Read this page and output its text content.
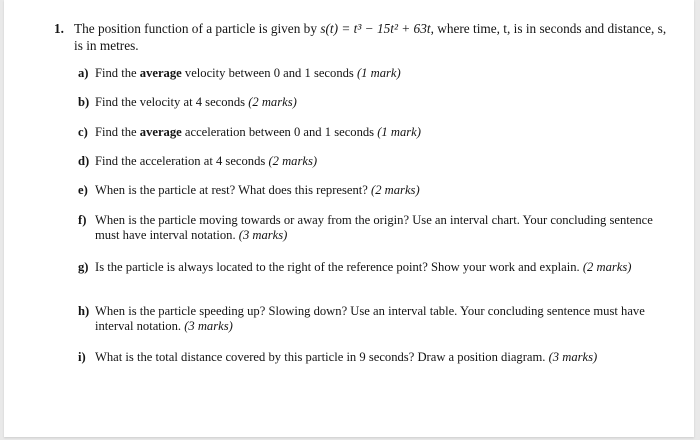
1. The position function of a particle is given by s(t) = t³ − 15t² + 63t, where time, t, is in seconds and distance, s, is in metres.
a) Find the average velocity between 0 and 1 seconds (1 mark)
b) Find the velocity at 4 seconds (2 marks)
c) Find the average acceleration between 0 and 1 seconds (1 mark)
d) Find the acceleration at 4 seconds (2 marks)
e) When is the particle at rest? What does this represent? (2 marks)
f) When is the particle moving towards or away from the origin? Use an interval chart. Your concluding sentence must have interval notation. (3 marks)
g) Is the particle is always located to the right of the reference point? Show your work and explain. (2 marks)
h) When is the particle speeding up? Slowing down? Use an interval table. Your concluding sentence must have interval notation. (3 marks)
i) What is the total distance covered by this particle in 9 seconds? Draw a position diagram. (3 marks)
